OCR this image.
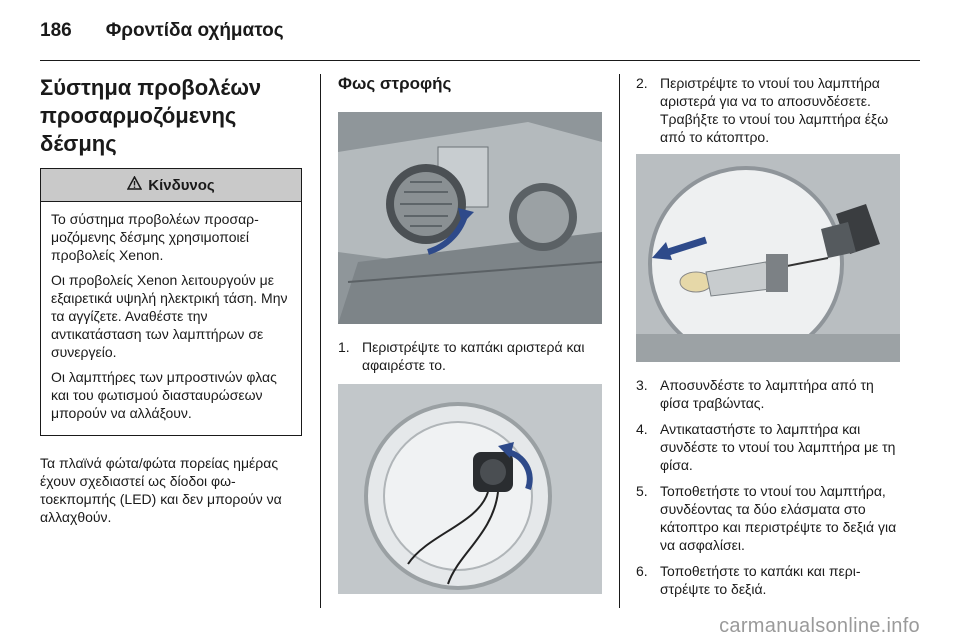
186 Φροντίδα οχήματος
Σύστημα προβολέων
προσαρμοζόμενης δέσμης
Κίνδυνος

Το σύστημα προβολέων προσαρμοζόμενης δέσμης χρησιμοποιεί προβολείς Xenon.

Οι προβολείς Xenon λειτουργούν με εξαιρετικά υψηλή ηλεκτρική τάση. Μην τα αγγίζετε. Αναθέστε την αντικατάσταση των λαμπτήρων σε συνεργείο.

Οι λαμπτήρες των μπροστινών φλας και του φωτισμού διασταυρώσεων μπορούν να αλλάξουν.

Τα πλαϊνά φώτα/φώτα πορείας ημέρας έχουν σχεδιαστεί ως δίοδοι φωτοεκπομπής (LED) και δεν μπορούν να αλλαχθούν.

Φως στροφής
1. Περιστρέψτε το καπάκι αριστερά και αφαιρέστε το.
2. Περιστρέψτε το ντουί του λαμπτήρα αριστερά για να το αποσυνδέσετε. Τραβήξτε το ντουί του λαμπτήρα έξω από το κάτοπτρο.
3. Αποσυνδέστε το λαμπτήρα από τη φίσα τραβώντας.
4. Αντικαταστήστε το λαμπτήρα και συνδέστε το ντουί του λαμπτήρα με τη φίσα.
5. Τοποθετήστε το ντουί του λαμπτήρα, συνδέοντας τα δύο ελάσματα στο κάτοπτρο και περιστρέψτε το δεξιά για να ασφαλίσει.
6. Τοποθετήστε το καπάκι και περιστρέψτε το δεξιά.
carmanualsonline.info
